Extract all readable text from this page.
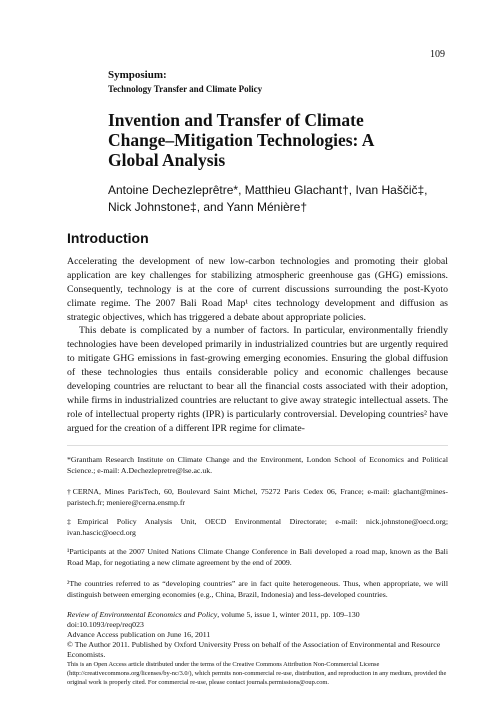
109
Symposium:
Technology Transfer and Climate Policy
Invention and Transfer of Climate Change–Mitigation Technologies: A Global Analysis
Antoine Dechezleprêtre*, Matthieu Glachant†, Ivan Haščič‡,
Nick Johnstone‡, and Yann Ménière†
Introduction
Accelerating the development of new low-carbon technologies and promoting their global application are key challenges for stabilizing atmospheric greenhouse gas (GHG) emissions. Consequently, technology is at the core of current discussions surrounding the post-Kyoto climate regime. The 2007 Bali Road Map¹ cites technology development and diffusion as strategic objectives, which has triggered a debate about appropriate policies.
This debate is complicated by a number of factors. In particular, environmentally friendly technologies have been developed primarily in industrialized countries but are urgently required to mitigate GHG emissions in fast-growing emerging economies. Ensuring the global diffusion of these technologies thus entails considerable policy and economic challenges because developing countries are reluctant to bear all the financial costs associated with their adoption, while firms in industrialized countries are reluctant to give away strategic intellectual assets. The role of intellectual property rights (IPR) is particularly controversial. Developing countries² have argued for the creation of a different IPR regime for climate-
*Grantham Research Institute on Climate Change and the Environment, London School of Economics and Political Science.; e-mail: A.Dechezlepretre@lse.ac.uk.
†CERNA, Mines ParisTech, 60, Boulevard Saint Michel, 75272 Paris Cedex 06, France; e-mail: glachant@mines-paristech.fr; meniere@cerna.ensmp.fr
‡Empirical Policy Analysis Unit, OECD Environmental Directorate; e-mail: nick.johnstone@oecd.org; ivan.hascic@oecd.org
¹Participants at the 2007 United Nations Climate Change Conference in Bali developed a road map, known as the Bali Road Map, for negotiating a new climate agreement by the end of 2009.
²The countries referred to as “developing countries” are in fact quite heterogeneous. Thus, when appropriate, we will distinguish between emerging economies (e.g., China, Brazil, Indonesia) and less-developed countries.
Review of Environmental Economics and Policy, volume 5, issue 1, winter 2011, pp. 109–130
doi:10.1093/reep/req023
Advance Access publication on June 16, 2011
© The Author 2011. Published by Oxford University Press on behalf of the Association of Environmental and Resource Economists.
This is an Open Access article distributed under the terms of the Creative Commons Attribution Non-Commercial License (http://creativecommons.org/licenses/by-nc/3.0/), which permits non-commercial re-use, distribution, and reproduction in any medium, provided the original work is properly cited. For commercial re-use, please contact journals.permissions@oup.com.
